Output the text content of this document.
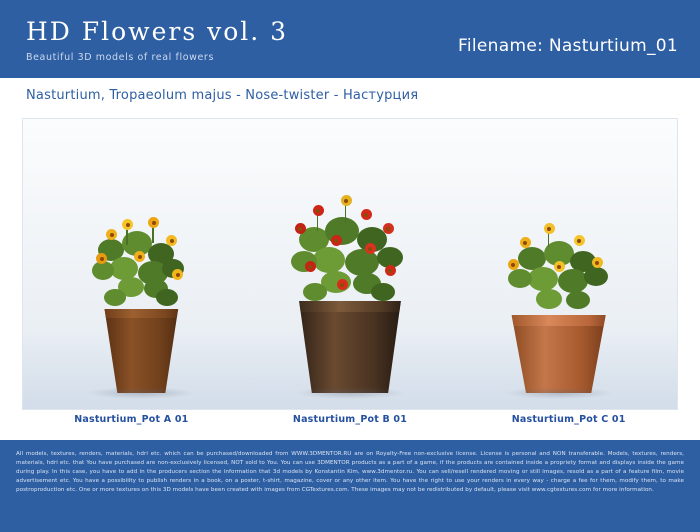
HD Flowers vol. 3
Beautiful 3D models of real flowers
Filename: Nasturtium_01
Nasturtium, Tropaeolum majus - Nose-twister - Настурция
Nasturtium_Pot A 01	Nasturtium_Pot B 01	Nasturtium_Pot C 01
All models, textures, renders, materials, hdri etc. which can be purchased/downloaded from WWW.3DMENTOR.RU are on Royalty-Free non-exclusive license. License is personal and NON transferable. Models, textures, renders, materials, hdri etc. that You have purchased are non-exclusively licensed, NOT sold to You. You can use 3DMENTOR products as a part of a game, if the products are contained inside a propriety format and displays inside the game during play. In this case, you have to add in the producers section the information that 3d models by Konstantin Kim, www.3dmentor.ru. You can sell/resell rendered moving or still images, resold as a part of a feature film, movie advertisement etc. You have a possibility to publish renders in a book, on a poster, t-shirt, magazine, cover or any other item. You have the right to use your renders in every way - charge a fee for them, modify them, to make postroproduction etc. One or more textures on this 3D models have been created with images from CGTextures.com. These images may not be redistributed by default, please visit www.cgtextures.com for more information.
